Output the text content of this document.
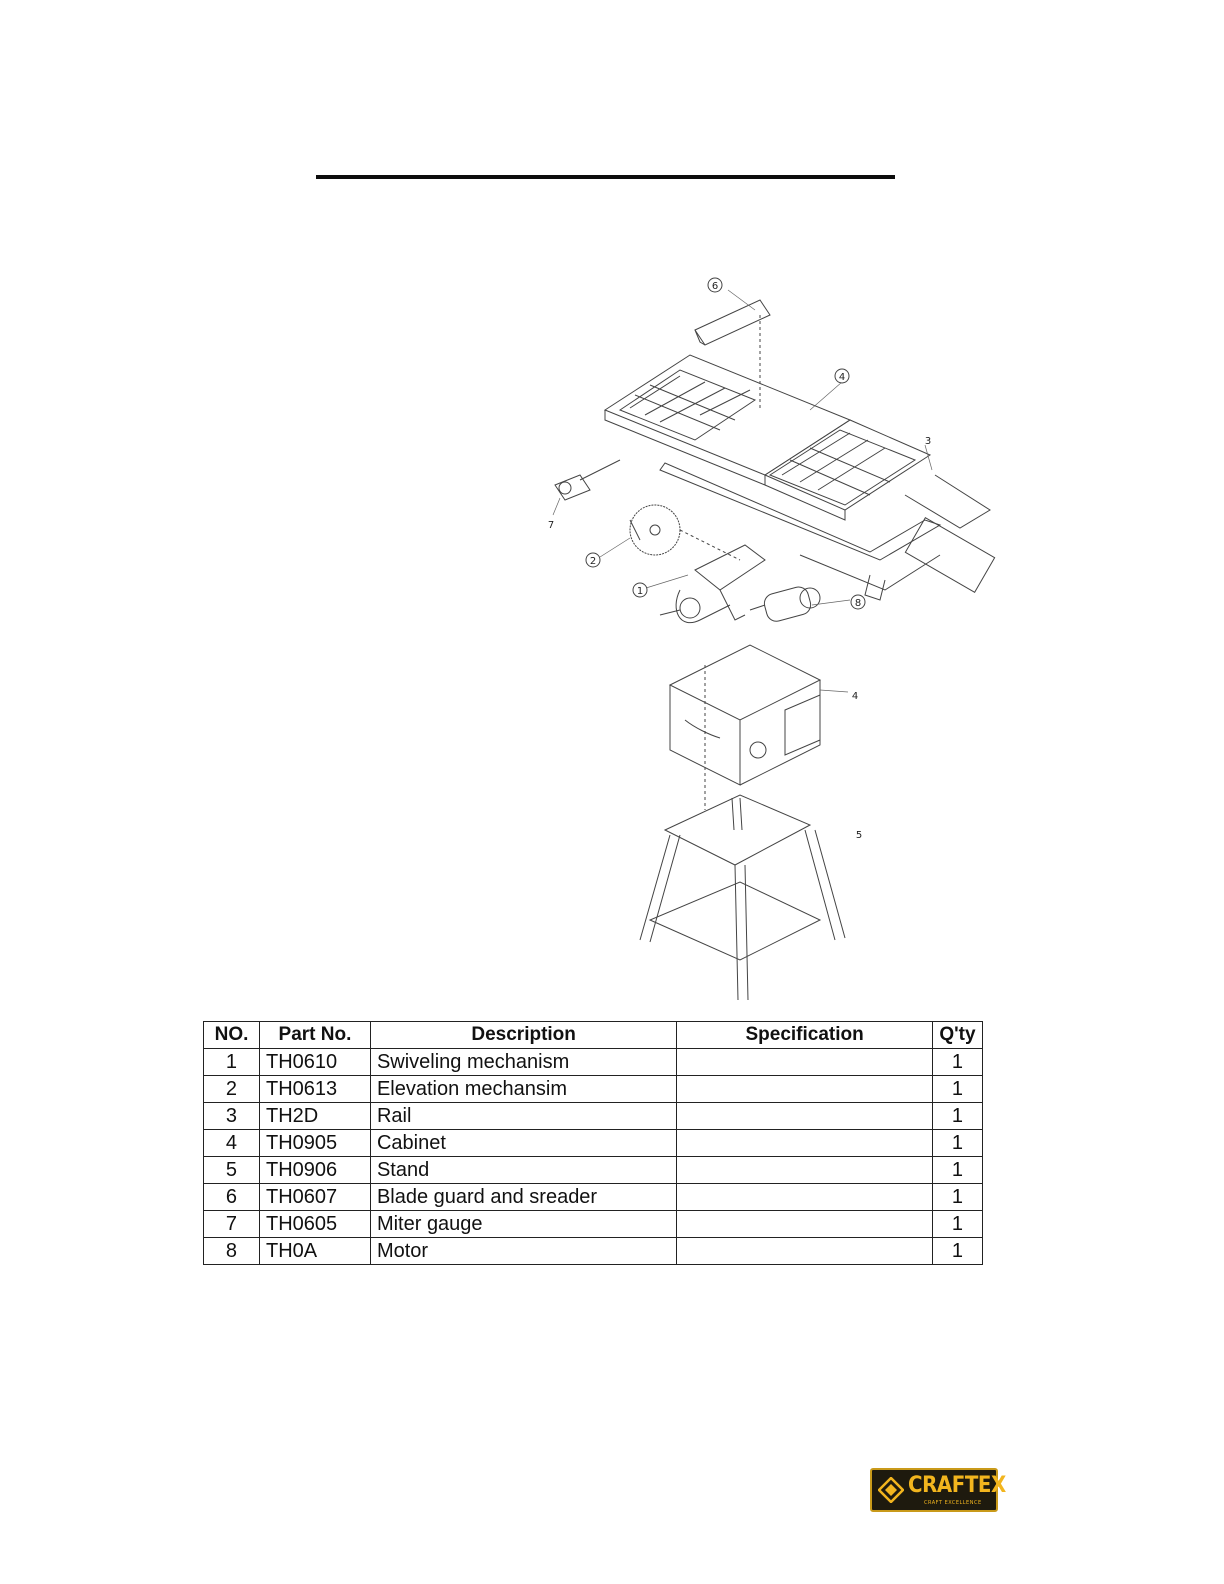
6
4
3
7
2
1
8
4
5
NO.	Part No.	Description	Specification	Q'ty
1	TH0610	Swiveling mechanism		1
2	TH0613	Elevation mechansim		1
3	TH2D	Rail		1
4	TH0905	Cabinet		1
5	TH0906	Stand		1
6	TH0607	Blade guard and sreader		1
7	TH0605	Miter gauge		1
8	TH0A	Motor		1
CRAFTEX
CRAFT EXCELLENCE
